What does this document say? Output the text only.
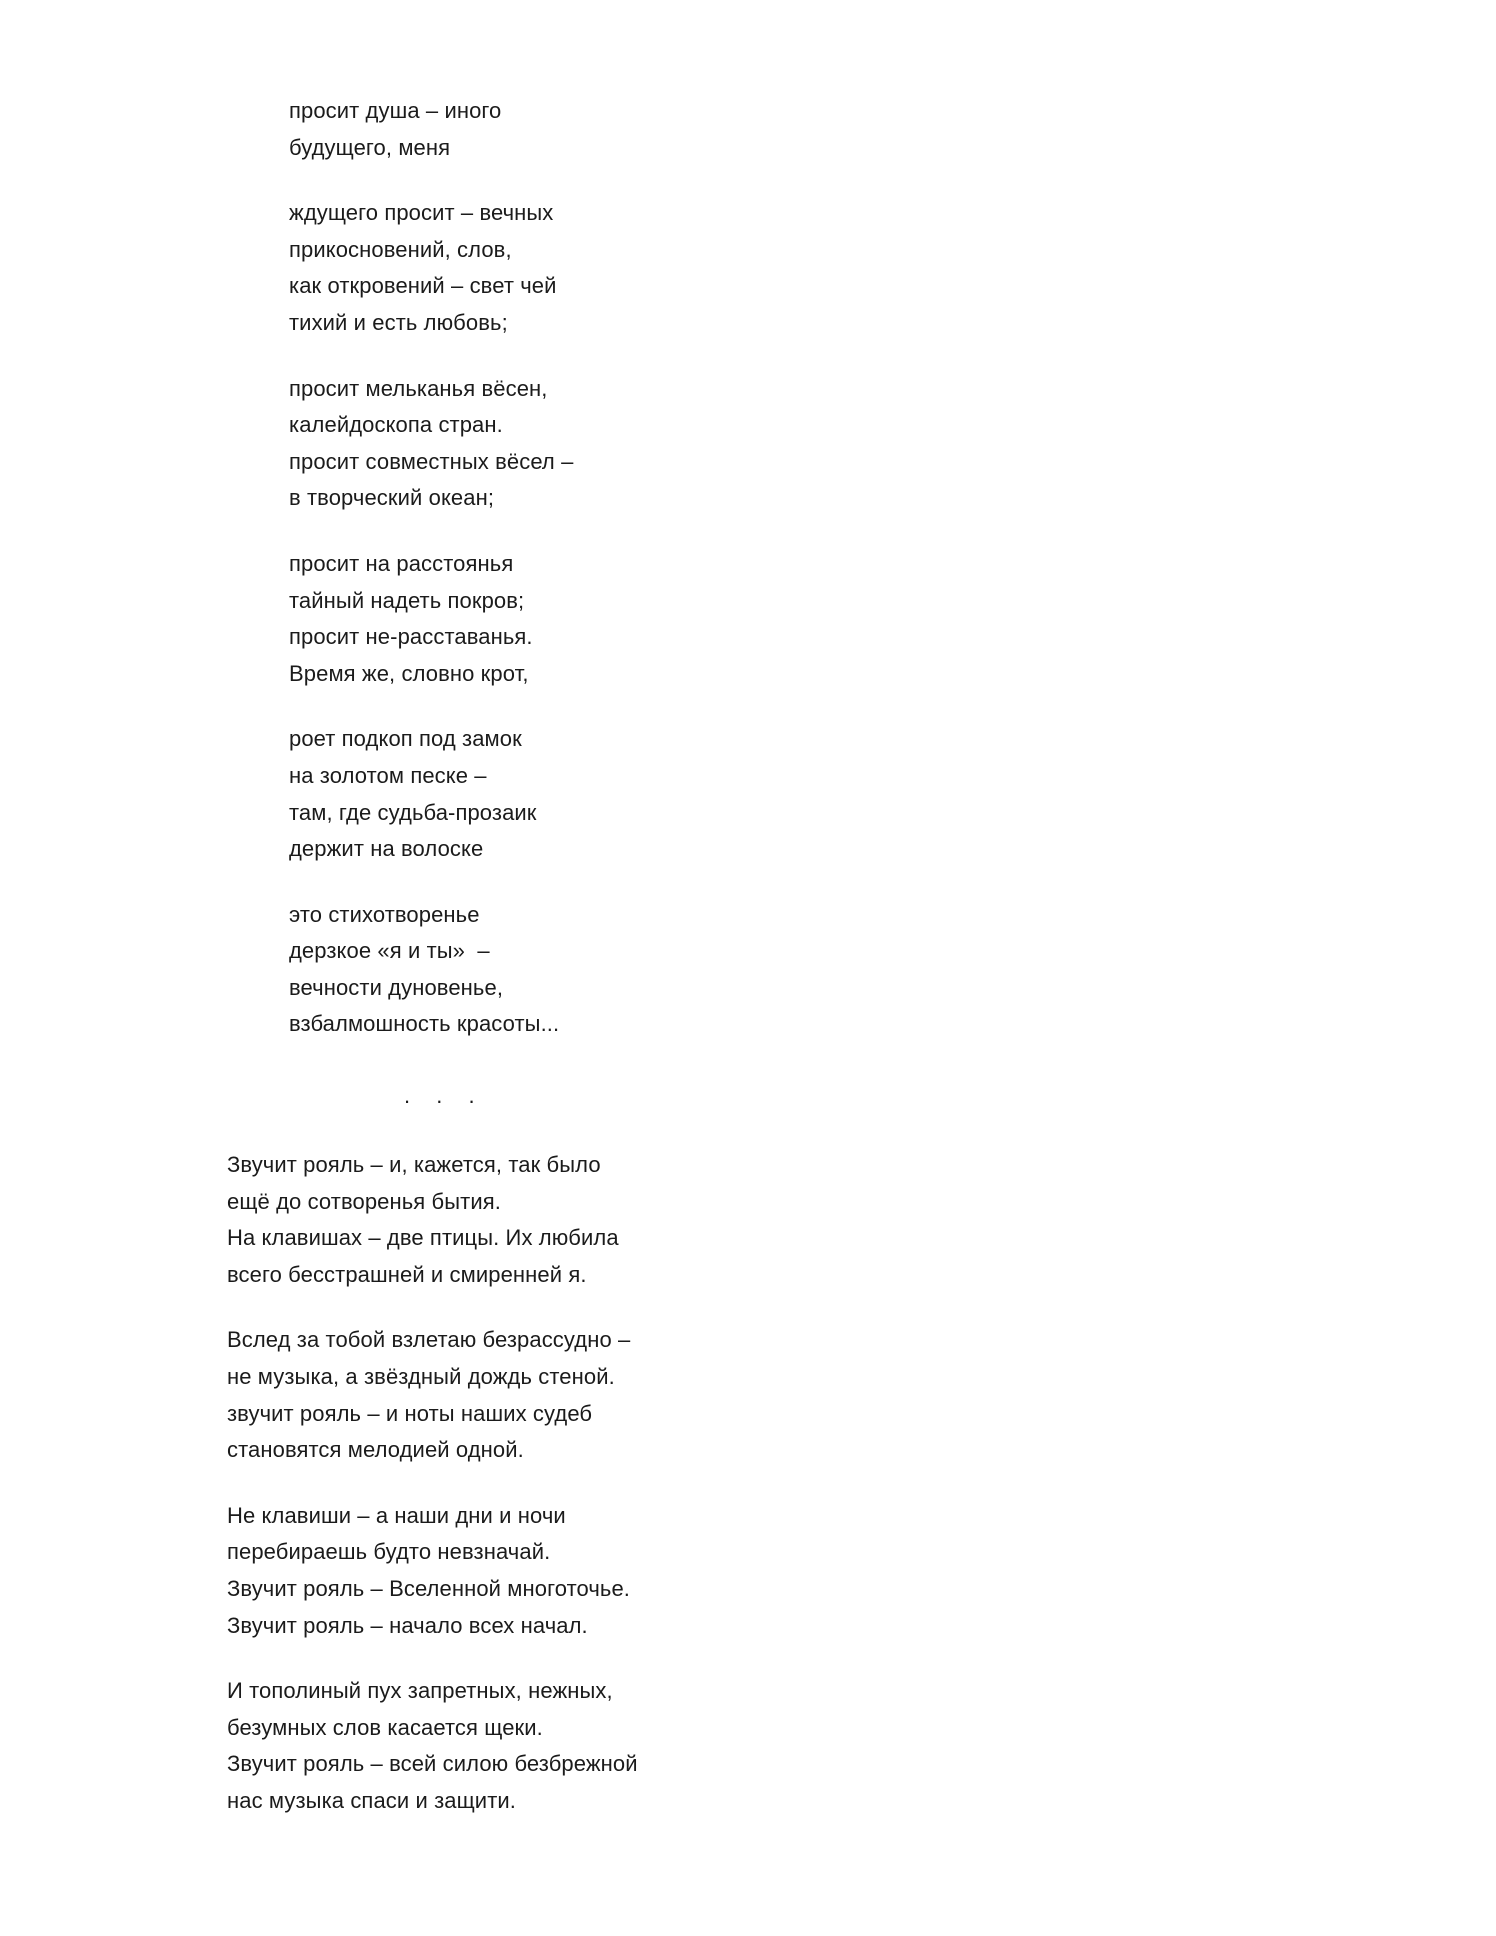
просит душа – иного
будущего, меня
ждущего просит – вечных
прикосновений, слов,
как откровений – свет чей
тихий и есть любовь;
просит мельканья вёсен,
калейдоскопа стран.
просит совместных вёсел –
в творческий океан;
просит на расстоянья
тайный надеть покров;
просит не-расставанья.
Время же, словно крот,
роет подкоп под замок
на золотом песке –
там, где судьба-прозаик
держит на волоске
это стихотворенье
дерзкое «я и ты»  –
вечности дуновенье,
взбалмошность красоты...
. . .
Звучит рояль – и, кажется, так было
ещё до сотворенья бытия.
На клавишах – две птицы. Их любила
всего бесстрашней и смиренней я.
Вслед за тобой взлетаю безрассудно –
не музыка, а звёздный дождь стеной.
звучит рояль – и ноты наших судеб
становятся мелодией одной.
Не клавиши – а наши дни и ночи
перебираешь будто невзначай.
Звучит рояль – Вселенной многоточье.
Звучит рояль – начало всех начал.
И тополиный пух запретных, нежных,
безумных слов касается щеки.
Звучит рояль – всей силою безбрежной
нас музыка спаси и защити.
